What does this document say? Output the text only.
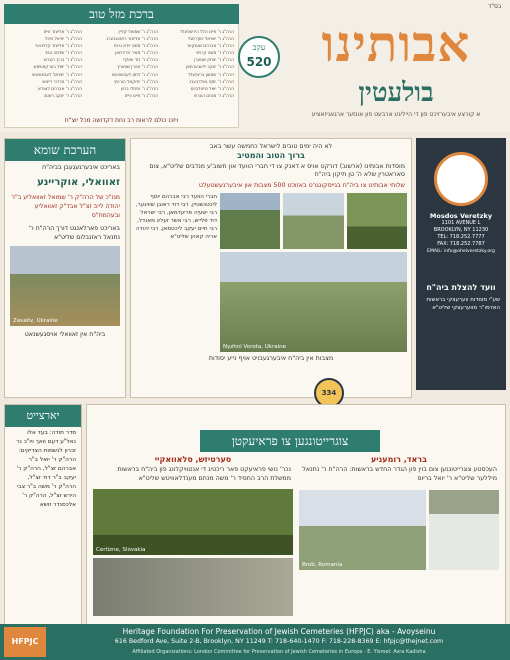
בס"ד
ברכת מזל טוב
הרה"ג ר' חיים הלל הירשפעלד
הרה"ג ר' ישראל יוסף סגל
הרה"ג ר' אברהם שענקער
הרה"ג ר' משה קרויס
הרה"ג ר' יצחק שטערן
הרה"ג ר' יעקב ליעבערמאן
הרה"ג ר' שמעון גרינפעלד
הרה"ג ר' יוסף גאלדבערג
הרה"ג ר' יואל טייטלבוים
הרה"ג ר' מנחם הערש
הרה"ג ר' שמואל קליין
הרה"ג ר' אליעזר ראזענבערג
הרה"ג ר' משה יודא גרוס
הרה"ג ר' מאיר פרידמאן
הרה"ג ר' דוד וואלף
הרה"ג ר' אהרן שווארץ
הרה"ג ר' זלמן לעבאוויטש
הרה"ג ר' יחזקאל הורוויץ
הרה"ג ר' נפתלי ברוין
הרה"ג ר' חיים ווייס
הרה"ג ר' אליעזר ווייס
הרה"ג ר' יחיאל מיכל
הרה"ג ר' אליעזר קלויזנער
הרה"ג ר' שלמה טויב
הרה"ג ר' ברוך הערש
הרה"ג ר' יואל בערקאוויטש
הרה"ג ר' ישראל לעבאוויטש
הרה"ג ר' מרדכי דייטש
הרה"ג ר' אברהם לאנדא
הרה"ג ר' יעקב ראטה
ויזכו כולם לראות רב נחת דקדושה מכל יוצ"ח
עקב
520	אבותינו
בולעטין
א קורצע איבערזיכט פון די הייליגע ארבעט פון אונזער ארגאניזאציע
הערכת שומא
באריכט איבערגעגעבן בביה"ח
זאוואלי, אוקריינע
מנו"כ של הרה"ק ר' שמואל זאוואליע ב"ר יהודה לייב זצ"ל אבד"ק זאוואליע ובעהמח"ס
באריכט פארלאנגט דורך הרה"ח ר' נתנאל ראזנבלום שליט"א
Zavaliv, Ukraine
ביה"ח אין זאוואלי אויסגעשנאט
לא היה ימים טובים לישראל כחמשה עשר באב
ברוך הטוב והמטיב
מוסדות אבותינו (ארשוב) דורקט אויס א דאנק צו די חברי הוועד און חשוב'ע מנדבים שליט"א, צום סאראטרין שלא ה' טן תיקון ביה"ח
שלוחי אבותינו צו ביה"ח בגייסקונגרט באזוכט 500 מצבות און איבערגעשטעלט
חברי הוועד רבי אברהם יוסף ליכטנשטיין, רבי דוד ראובן שוויגער, רבי ישעיה פריעדמאן, רבי ישראל דוד פלייש, רבי אשר זעליג מאנדל, רבי חיים יעקב ליכטמאן, רבי יהודה אריה קאהן שליט"א
Nyzhni Vorota, Ukraine
מצבות אין ביה"ח איבערגעבויט אויף נייע יסודות
334
Mosdos Veretzky
1101 AVENUE L
BROOKLYN, NY 11230
TEL: 718.252.7777
FAX: 718.252.7787
EMAIL: info@ohelveretzky.org
וועד להצלת ביה"ח
שע"י מוסדות ווערעצקי בראשות האדמו"ר מווערעצקי שליט"א
יארצייט
סדר תודה: בעד אלו נאל"ע דעם וואך ויו"כ נר זכרון לנשמות הצדיקים: הרה"ק ר' יואל ב"ר אברהם זצ"ל, הרה"ק ר' יעקב ב"ר דוד זצ"ל, הרה"ק ר' משה ב"ר צבי הירש זצ"ל, הרה"ק ר' אלכסנדר זושא
בראד, רומעניע
העכסטע צוגרייטונגען צום בוין פון הגדר החדש בראשות: הרה"ח ר' נתנאל מיללער שליט"א ר' יואל בריוס
Brob, Romania
סערטיזש, סלאוואקיי
נכר' נושי פראיעקט פאר ריכטיג די אנטוויקלונג פון ביה"ח בראשות ממשלת הרב החסיד ר' משה מנחם מענדלאוויטש שליט"א
Certizne, Slovakia
צוגרייטונגען צו פראיעקטן
HFPJC
Heritage Foundation For Preservation of Jewish Cemeteries (HFPJC) aka - Avoyseinu
616 Bedford Ave, Suite 2-B, Brooklyn, NY 11249 T: 718-640-1470 F: 718-228-8369 E: hfpjc@thejnet.com
Affiliated Organizations: London Committee for Preservation of Jewish Cemeteries in Europe · E. Yisroel: Avra Kadisha
